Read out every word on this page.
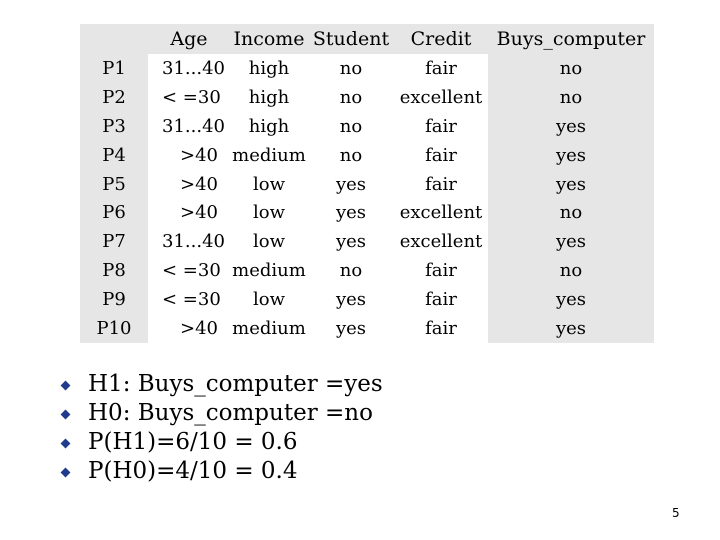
	Age	Income	Student	Credit	Buys_computer
P1	31...40	high	no	fair	no
P2	< =30	high	no	excellent	no
P3	31...40	high	no	fair	yes
P4	>40	medium	no	fair	yes
P5	>40	low	yes	fair	yes
P6	>40	low	yes	excellent	no
P7	31...40	low	yes	excellent	yes
P8	< =30	medium	no	fair	no
P9	< =30	low	yes	fair	yes
P10	>40	medium	yes	fair	yes
H1: Buys_computer =yes
H0: Buys_computer =no
P(H1)=6/10 = 0.6
P(H0)=4/10 = 0.4
5
